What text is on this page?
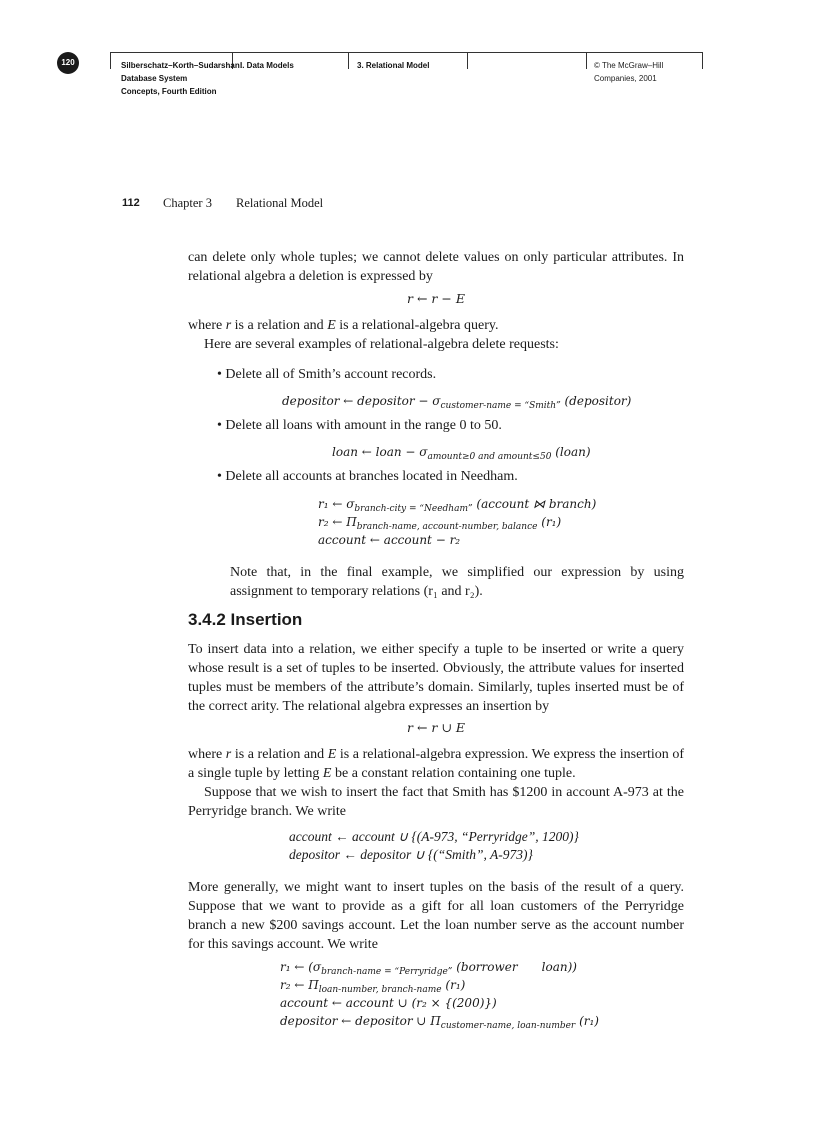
120	Silberschatz–Korth–Sudarshan:
Database System
Concepts, Fourth Edition
I. Data Models	3. Relational Model	© The McGraw–Hill
Companies, 2001
112 Chapter 3 Relational Model

can delete only whole tuples; we cannot delete values on only particular attributes. In relational algebra a deletion is expressed by

r ← r − E

where r is a relation and E is a relational-algebra query.

Here are several examples of relational-algebra delete requests:

• Delete all of Smith’s account records.
depositor ← depositor − $\sigma_{customer-name = “Smith”}$ (depositor)
• Delete all loans with amount in the range 0 to 50.
loan ← loan − $\sigma_{amount\ge 0 and amount\le 50}$ (loan)
• Delete all accounts at branches located in Needham.
r₁ ← $\sigma_{branch-city = “Needham”}$ (account ⋈ branch)
r₂ ← $\Pi_{branch-name, account-number, balance}$ (r₁)
account ← account − r₂

Note that, in the final example, we simplified our expression by using assignment to temporary relations (r₁ and r₂).

3.4.2 Insertion

To insert data into a relation, we either specify a tuple to be inserted or write a query whose result is a set of tuples to be inserted. Obviously, the attribute values for inserted tuples must be members of the attribute’s domain. Similarly, tuples inserted must be of the correct arity. The relational algebra expresses an insertion by

r ← r ∪ E

where r is a relation and E is a relational-algebra expression. We express the insertion of a single tuple by letting E be a constant relation containing one tuple.

Suppose that we wish to insert the fact that Smith has $1200 in account A-973 at the Perryridge branch. We write

account ← account ∪ {(A-973, “Perryridge”, 1200)}
depositor ← depositor ∪ {(“Smith”, A-973)}

More generally, we might want to insert tuples on the basis of the result of a query. Suppose that we want to provide as a gift for all loan customers of the Perryridge branch a new $200 savings account. Let the loan number serve as the account number for this savings account. We write

r₁ ← ($\sigma_{branch-name = “Perryridge”}$ (borrower loan))
r₂ ← $\Pi_{loan-number, branch-name}$ (r₁)
account ← account ∪ (r₂ × {(200)})
depositor ← depositor ∪ $\Pi_{customer-name, loan-number}$ (r₁)
